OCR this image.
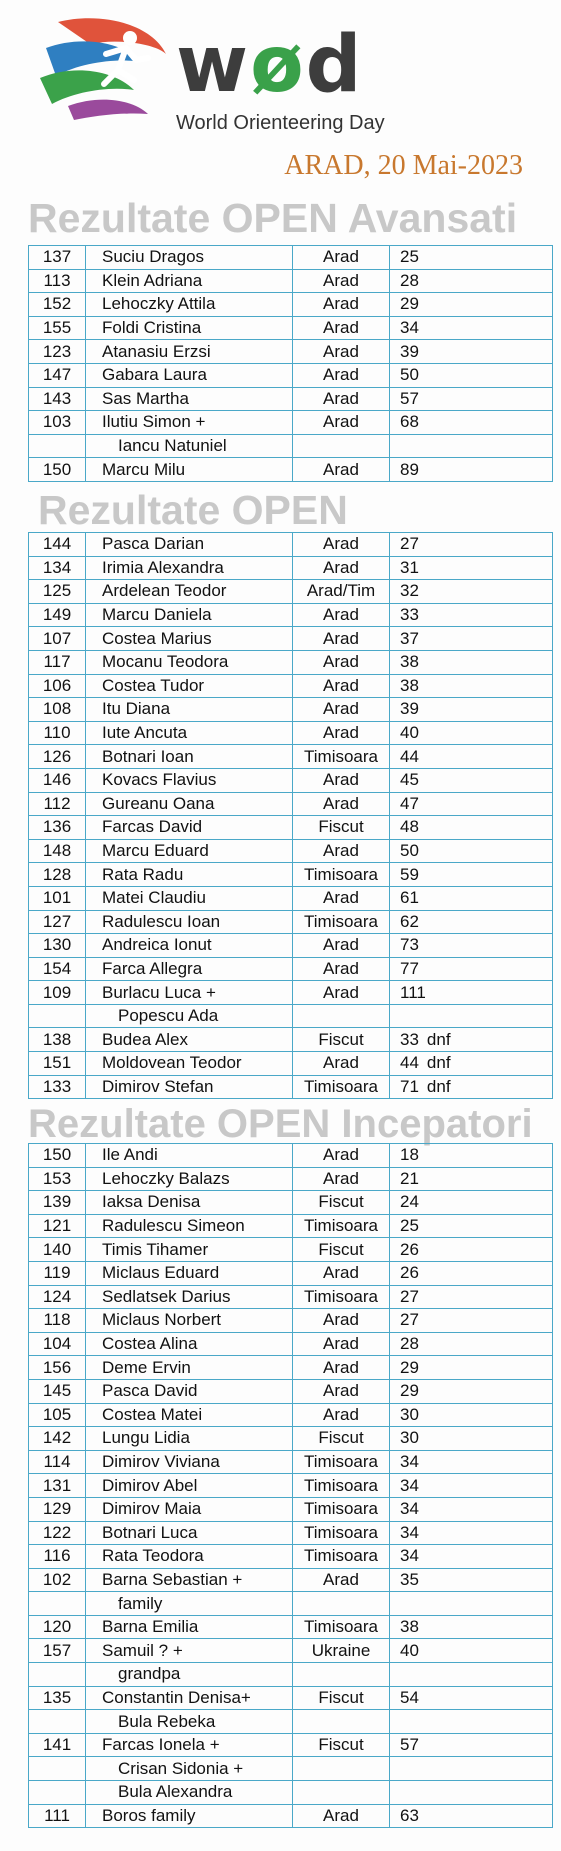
wød
World Orienteering Day
ARAD, 20 Mai-2023
Rezultate OPEN Avansati
137	Suciu Dragos	Arad	25
113	Klein Adriana	Arad	28
152	Lehoczky Attila	Arad	29
155	Foldi Cristina	Arad	34
123	Atanasiu Erzsi	Arad	39
147	Gabara Laura	Arad	50
143	Sas Martha	Arad	57
103	Ilutiu Simon +	Arad	68
	Iancu Natuniel		
150	Marcu Milu	Arad	89
Rezultate OPEN
144	Pasca Darian	Arad	27
134	Irimia Alexandra	Arad	31
125	Ardelean Teodor	Arad/Tim	32
149	Marcu Daniela	Arad	33
107	Costea Marius	Arad	37
117	Mocanu Teodora	Arad	38
106	Costea Tudor	Arad	38
108	Itu Diana	Arad	39
110	Iute Ancuta	Arad	40
126	Botnari Ioan	Timisoara	44
146	Kovacs Flavius	Arad	45
112	Gureanu Oana	Arad	47
136	Farcas David	Fiscut	48
148	Marcu Eduard	Arad	50
128	Rata Radu	Timisoara	59
101	Matei Claudiu	Arad	61
127	Radulescu Ioan	Timisoara	62
130	Andreica Ionut	Arad	73
154	Farca Allegra	Arad	77
109	Burlacu Luca +	Arad	111
	Popescu Ada		
138	Budea Alex	Fiscut	33 dnf
151	Moldovean Teodor	Arad	44 dnf
133	Dimirov Stefan	Timisoara	71 dnf
Rezultate OPEN Incepatori
150	Ile Andi	Arad	18
153	Lehoczky Balazs	Arad	21
139	Iaksa Denisa	Fiscut	24
121	Radulescu Simeon	Timisoara	25
140	Timis Tihamer	Fiscut	26
119	Miclaus Eduard	Arad	26
124	Sedlatsek Darius	Timisoara	27
118	Miclaus Norbert	Arad	27
104	Costea Alina	Arad	28
156	Deme Ervin	Arad	29
145	Pasca David	Arad	29
105	Costea Matei	Arad	30
142	Lungu Lidia	Fiscut	30
114	Dimirov Viviana	Timisoara	34
131	Dimirov Abel	Timisoara	34
129	Dimirov Maia	Timisoara	34
122	Botnari Luca	Timisoara	34
116	Rata Teodora	Timisoara	34
102	Barna Sebastian +	Arad	35
	family		
120	Barna Emilia	Timisoara	38
157	Samuil ? +	Ukraine	40
	grandpa		
135	Constantin Denisa+	Fiscut	54
	Bula Rebeka		
141	Farcas Ionela +	Fiscut	57
	Crisan Sidonia +		
	Bula Alexandra		
111	Boros family	Arad	63
